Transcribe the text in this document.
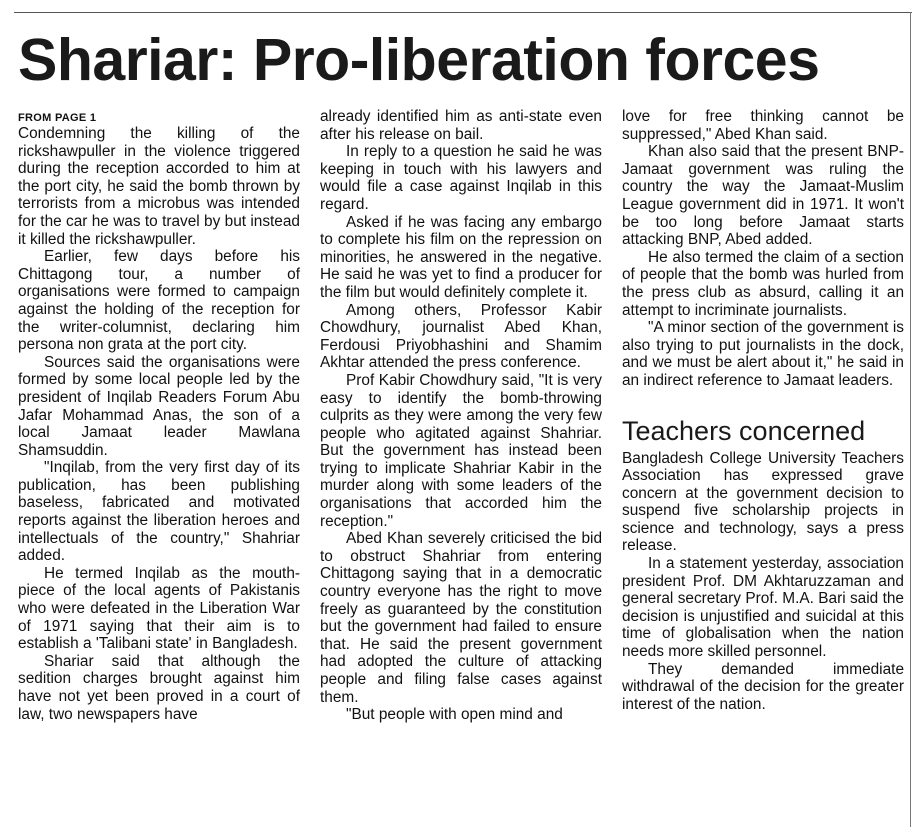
Shariar: Pro-liberation forces
FROM PAGE 1

Condemning the killing of the rickshawpuller in the violence triggered during the reception accorded to him at the port city, he said the bomb thrown by terrorists from a microbus was intended for the car he was to travel by but instead it killed the rickshawpuller.

Earlier, few days before his Chittagong tour, a number of organisations were formed to campaign against the holding of the reception for the writer-columnist, declaring him persona non grata at the port city.

Sources said the organisations were formed by some local people led by the president of Inqilab Readers Forum Abu Jafar Mohammad Anas, the son of a local Jamaat leader Mawlana Shamsuddin.

"Inqilab, from the very first day of its publication, has been publishing baseless, fabricated and motivated reports against the liberation heroes and intellectuals of the country," Shahriar added.

He termed Inqilab as the mouth-piece of the local agents of Pakistanis who were defeated in the Liberation War of 1971 saying that their aim is to establish a 'Talibani state' in Bangladesh.

Shariar said that although the sedition charges brought against him have not yet been proved in a court of law, two newspapers have

already identified him as anti-state even after his release on bail.

In reply to a question he said he was keeping in touch with his lawyers and would file a case against Inqilab in this regard.

Asked if he was facing any embargo to complete his film on the repression on minorities, he answered in the negative. He said he was yet to find a producer for the film but would definitely complete it.

Among others, Professor Kabir Chowdhury, journalist Abed Khan, Ferdousi Priyobhashini and Shamim Akhtar attended the press conference.

Prof Kabir Chowdhury said, "It is very easy to identify the bomb-throwing culprits as they were among the very few people who agitated against Shahriar. But the government has instead been trying to implicate Shahriar Kabir in the murder along with some leaders of the organisations that accorded him the reception."

Abed Khan severely criticised the bid to obstruct Shahriar from entering Chittagong saying that in a democratic country everyone has the right to move freely as guaranteed by the constitution but the government had failed to ensure that. He said the present government had adopted the culture of attacking people and filing false cases against them.

"But people with open mind and

love for free thinking cannot be suppressed," Abed Khan said.

Khan also said that the present BNP-Jamaat government was ruling the country the way the Jamaat-Muslim League government did in 1971. It won't be too long before Jamaat starts attacking BNP, Abed added.

He also termed the claim of a section of people that the bomb was hurled from the press club as absurd, calling it an attempt to incriminate journalists.

"A minor section of the government is also trying to put journalists in the dock, and we must be alert about it," he said in an indirect reference to Jamaat leaders.

Teachers concerned

Bangladesh College University Teachers Association has expressed grave concern at the government decision to suspend five scholarship projects in science and technology, says a press release.

In a statement yesterday, association president Prof. DM Akhtaruzzaman and general secretary Prof. M.A. Bari said the decision is unjustified and suicidal at this time of globalisation when the nation needs more skilled personnel.

They demanded immediate withdrawal of the decision for the greater interest of the nation.
